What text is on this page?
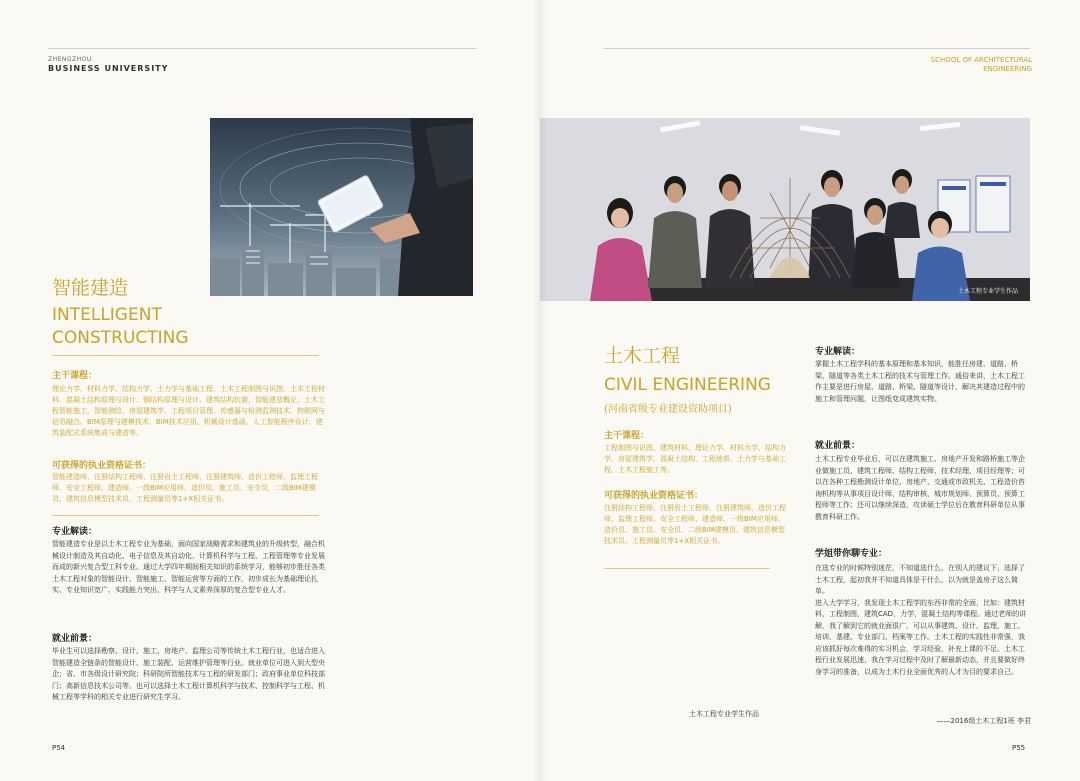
ZHENGZHOU
BUSINESS UNIVERSITY
智能建造
INTELLIGENT
CONSTRUCTING
主干课程：
理论力学、材料力学、结构力学、土力学与基础工程、土木工程制图与识图、土木工程材料、混凝土结构原理与设计、钢结构原理与设计、建筑结构抗震、智能建造概论、土木工程智能施工、智能测绘、房屋建筑学、工程项目管理、传感器与检测监测技术、物联网与信息融合、BIM原理与建模技术、BIM技术应用、机械设计基础、人工智能程序设计、建筑装配式系统集成与建造等。
可获得的执业资格证书：
智能建造师、注册结构工程师、注册岩土工程师、注册建筑师、造价工程师、监理工程师、安全工程师、建造师、一级BIM应用师、造价员、施工员、安全员、二级BIM建模员、建筑信息模型技术员、工程测量员等1+X相关证书。
专业解读：
智能建造专业是以土木工程专业为基础，面向国家战略需求和建筑业的升级转型，融合机械设计制造及其自动化、电子信息及其自动化、计算机科学与工程、工程管理等专业发展而成的新兴复合型工科专业。通过大学四年期间相关知识的系统学习，能够初步胜任各类土木工程对象的智能设计、智能施工、智能运营等方面的工作，初步成长为基础理论扎实、专业知识宽广、实践能力突出、科学与人文素养深厚的复合型专业人才。
就业前景：
毕业生可以选择勘察、设计、施工、房地产、监理公司等传统土木工程行业，也适合进入智能建造全链条的智能设计、施工装配、运营维护管理等行业。就业单位可进入到大型央企；省、市各级设计研究院；科研院所智能技术与工程的研发部门；政府事业单位科技部门；高新信息技术公司等。也可以选择土木工程计算机科学与技术、控制科学与工程、机械工程等学科的相关专业进行研究生学习。
P54
SCHOOL OF ARCHITECTURAL
ENGINEERING
土木工程专业学生作品
土木工程
CIVIL ENGINEERING
(河南省级专业建设资助项目)
主干课程：
工程制图与识图、建筑材料、理论力学、材料力学、结构力学、房屋建筑学、混凝土结构、工程地质、土力学与基础工程、土木工程施工等。
可获得的执业资格证书：
注册结构工程师、注册岩土工程师、注册建筑师、造价工程师、监理工程师、安全工程师、建造师、一级BIM应用师、造价员、施工员、安全员、二级BIM建模员、建筑信息模型技术员、工程测量员等1+X相关证书。
土木工程专业学生作品
专业解读：
掌握土木工程学科的基本原理和基本知识，能胜任房建、道路、桥梁、隧道等各类土木工程的技术与管理工作。通俗来讲，土木工程工作主要是进行房屋、道路、桥梁、隧道等设计，解决其建造过程中的施工和管理问题，让图纸变成建筑实物。
就业前景：
土木工程专业毕业后，可以在建筑施工、房地产开发和路桥施工等企业做施工员、建筑工程师、结构工程师、技术经理、项目经理等；可以在各种工程勘测设计单位、房地产、交通或市政机关、工程造价咨询机构等从事项目设计师、结构审核、城市规划师、预算员、预算工程师等工作；还可以继续深造，攻读硕士学位后在教育科研单位从事教育科研工作。
学姐带你聊专业：
在选专业的时候特别迷茫，不知道选什么，在别人的建议下，选择了土木工程，起初我并不知道具体是干什么，以为就是盖房子这么简单。
进入大学学习，我发现土木工程学的东西非常的全面，比如：建筑材料，工程制图，建筑CAD，力学，混凝土结构等课程。通过老师的讲解，我了解到它的就业面很广，可以从事建筑、设计、监理、施工、培训、基建、专业部门、档案等工作。土木工程的实践性非常强，我应该抓好每次难得的实习机会，学习经验，补充上课的不足。土木工程行业发展迅速，我在学习过程中及时了解最新动态，并且要做好终身学习的准备，以成为土木行业全面优秀的人才为目的要求自己。
——2016级土木工程1班 李君
P55
